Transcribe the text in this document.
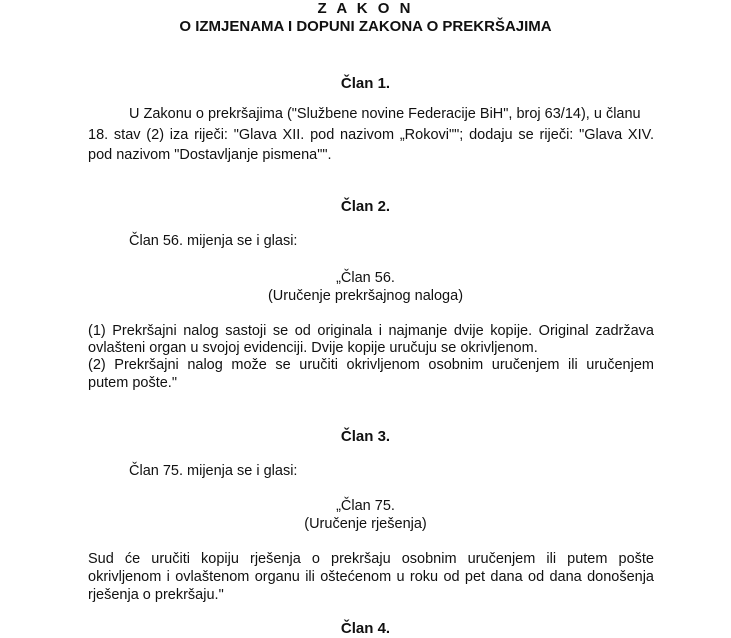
Z A K O N
O IZMJENAMA I DOPUNI ZAKONA O PREKRŠAJIMA
Član 1.
U Zakonu o prekršajima ("Službene novine Federacije BiH", broj 63/14), u članu
18. stav (2) iza riječi: "Glava XII. pod nazivom „Rokovi""; dodaju se riječi: "Glava XIV.
pod nazivom "Dostavljanje pismena"".
Član 2.
Član 56. mijenja se i glasi:
„Član 56.
(Uručenje prekršajnog naloga)
(1) Prekršajni nalog sastoji se od originala i najmanje dvije kopije. Original zadržava
ovlašteni organ u svojoj evidenciji. Dvije kopije uručuju se okrivljenom.
(2) Prekršajni nalog može se uručiti okrivljenom osobnim uručenjem ili uručenjem
putem pošte."
Član 3.
Član 75. mijenja se i glasi:
„Član 75.
(Uručenje rješenja)
Sud će uručiti kopiju rješenja o prekršaju osobnim uručenjem ili putem pošte
okrivljenom i ovlaštenom organu ili oštećenom u roku od pet dana od dana donošenja
rješenja o prekršaju."
Član 4.
